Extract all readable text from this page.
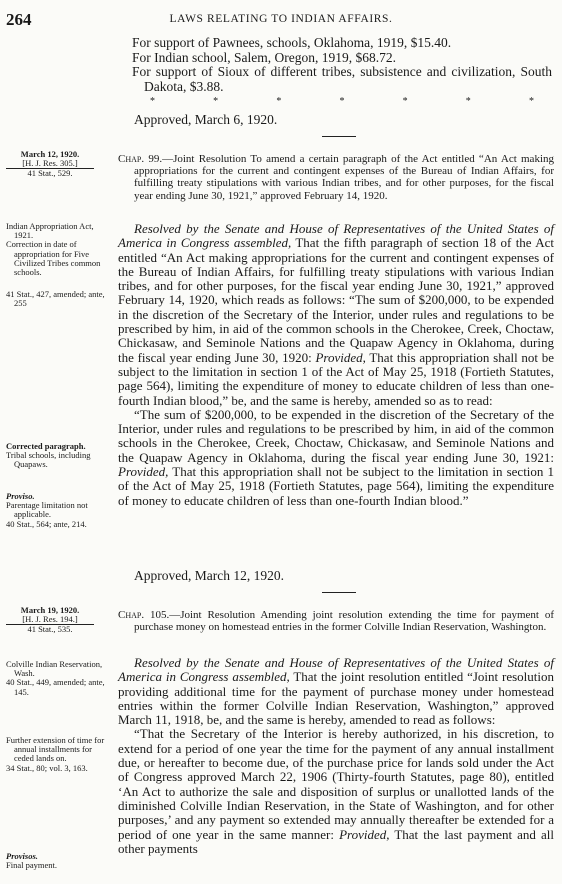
264	LAWS RELATING TO INDIAN AFFAIRS.

For support of Pawnees, schools, Oklahoma, 1919, $15.40.

For Indian school, Salem, Oregon, 1919, $68.72.

For support of Sioux of different tribes, subsistence and civilization, South Dakota, $3.88.

*	*	*	*	*	*	*
Approved, March 6, 1920.
March 12, 1920.
[H. J. Res. 305.]
41 Stat., 529.

Chap. 99.—Joint Resolution To amend a certain paragraph of the Act entitled “An Act making appropriations for the current and contingent expenses of the Bureau of Indian Affairs, for fulfilling treaty stipulations with various Indian tribes, and for other purposes, for the fiscal year ending June 30, 1921,” approved February 14, 1920.

Resolved by the Senate and House of Representatives of the United States of America in Congress assembled, That the fifth paragraph of section 18 of the Act entitled “An Act making appropriations for the current and contingent expenses of the Bureau of Indian Affairs, for fulfilling treaty stipulations with various Indian tribes, and for other purposes, for the fiscal year ending June 30, 1921,” approved February 14, 1920, which reads as follows: “The sum of $200,000, to be expended in the discretion of the Secretary of the Interior, under rules and regulations to be prescribed by him, in aid of the common schools in the Cherokee, Creek, Choctaw, Chickasaw, and Seminole Nations and the Quapaw Agency in Oklahoma, during the fiscal year ending June 30, 1920: Provided, That this appropriation shall not be subject to the limitation in section 1 of the Act of May 25, 1918 (Fortieth Statutes, page 564), limiting the expenditure of money to educate children of less than one-fourth Indian blood,” be, and the same is hereby, amended so as to read:

“The sum of $200,000, to be expended in the discretion of the Secretary of the Interior, under rules and regulations to be prescribed by him, in aid of the common schools in the Cherokee, Creek, Choctaw, Chickasaw, and Seminole Nations and the Quapaw Agency in Oklahoma, during the fiscal year ending June 30, 1921: Provided, That this appropriation shall not be subject to the limitation in section 1 of the Act of May 25, 1918 (Fortieth Statutes, page 564), limiting the expenditure of money to educate children of less than one-fourth Indian blood.”

Approved, March 12, 1920.

Indian Appropriation Act, 1921.

Correction in date of appropriation for Five Civilized Tribes common schools.

41 Stat., 427, amended; ante, 255

Corrected paragraph.

Tribal schools, including Quapaws.

Proviso.

Parentage limitation not applicable.

40 Stat., 564; ante, 214.

March 19, 1920.
[H. J. Res. 194.]
41 Stat., 535.

Chap. 105.—Joint Resolution Amending joint resolution extending the time for payment of purchase money on homestead entries in the former Colville Indian Reservation, Washington.

Resolved by the Senate and House of Representatives of the United States of America in Congress assembled, That the joint resolution entitled “Joint resolution providing additional time for the payment of purchase money under homestead entries within the former Colville Indian Reservation, Washington,” approved March 11, 1918, be, and the same is hereby, amended to read as follows:

“That the Secretary of the Interior is hereby authorized, in his discretion, to extend for a period of one year the time for the payment of any annual installment due, or hereafter to become due, of the purchase price for lands sold under the Act of Congress approved March 22, 1906 (Thirty-fourth Statutes, page 80), entitled ‘An Act to authorize the sale and disposition of surplus or unallotted lands of the diminished Colville Indian Reservation, in the State of Washington, and for other purposes,’ and any payment so extended may annually thereafter be extended for a period of one year in the same manner: Provided, That the last payment and all other payments

Colville Indian Reservation, Wash.

40 Stat., 449, amended; ante, 145.

Further extension of time for annual installments for ceded lands on.

34 Stat., 80; vol. 3, 163.

Provisos.

Final payment.
